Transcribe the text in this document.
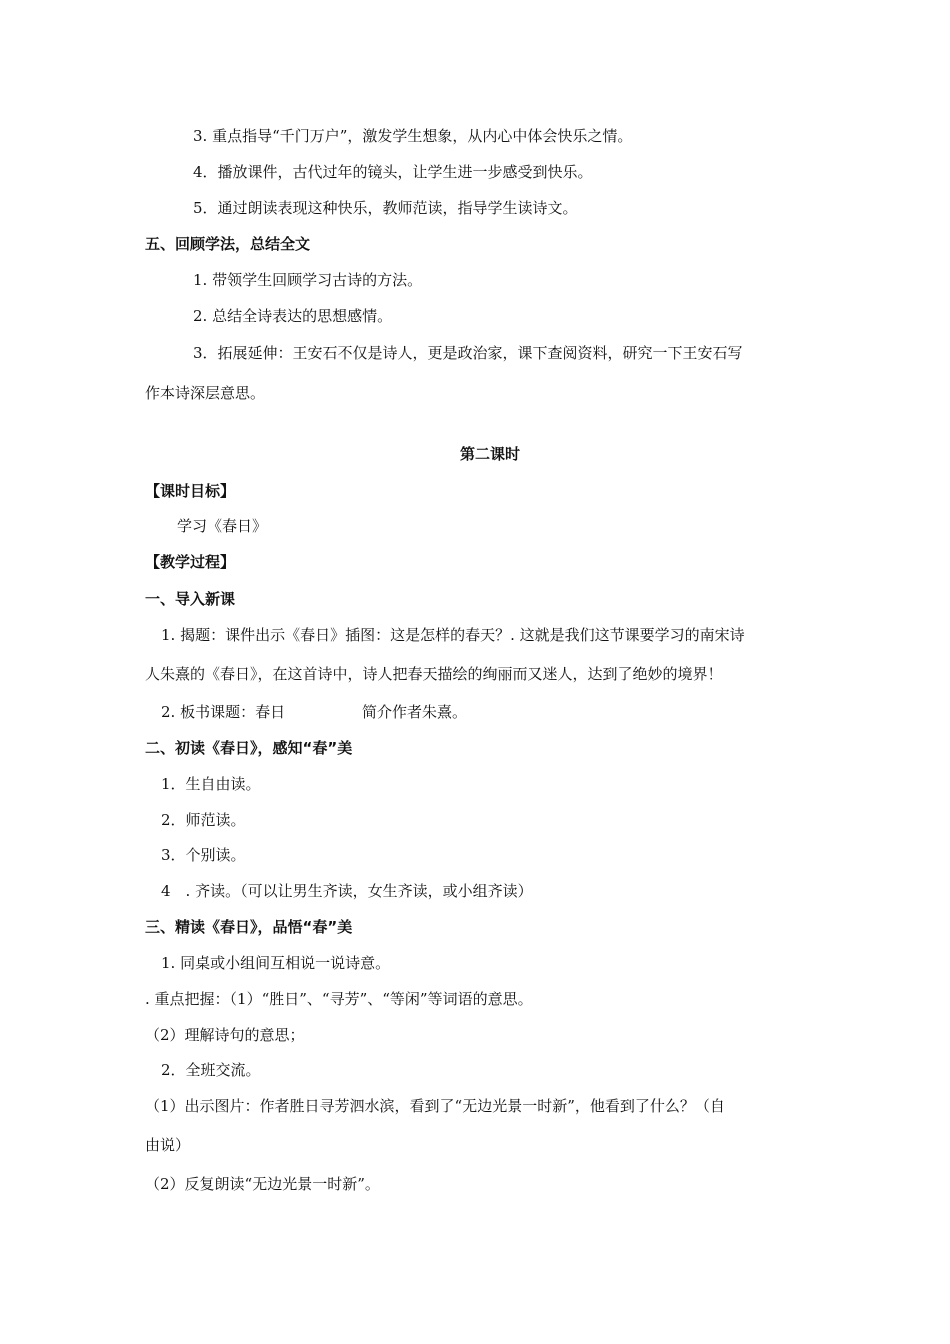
3. 重点指导“千门万户”，激发学生想象，从内心中体会快乐之情。
4．播放课件，古代过年的镜头，让学生进一步感受到快乐。
5．通过朗读表现这种快乐，教师范读，指导学生读诗文。
五、回顾学法，总结全文
1. 带领学生回顾学习古诗的方法。
2. 总结全诗表达的思想感情。
3．拓展延伸：王安石不仅是诗人，更是政治家，课下查阅资料，研究一下王安石写
作本诗深层意思。
第二课时
【课时目标】
学习《春日》
【教学过程】
一、导入新课
1. 揭题：课件出示《春日》插图：这是怎样的春天？. 这就是我们这节课要学习的南宋诗
人朱熹的《春日》，在这首诗中，诗人把春天描绘的绚丽而又迷人，达到了绝妙的境界！
2. 板书课题：春日	简介作者朱熹。
二、初读《春日》，感知“春”美
1．生自由读。
2．师范读。
3．个别读。
4　. 齐读。（可以让男生齐读，女生齐读，或小组齐读）
三、精读《春日》，品悟“春”美
1. 同桌或小组间互相说一说诗意。
. 重点把握：（1）“胜日”、“寻芳”、“等闲”等词语的意思。
（2）理解诗句的意思；
2．全班交流。
（1）出示图片：作者胜日寻芳泗水滨，看到了“无边光景一时新”，他看到了什么？（自
由说）
（2）反复朗读“无边光景一时新”。
